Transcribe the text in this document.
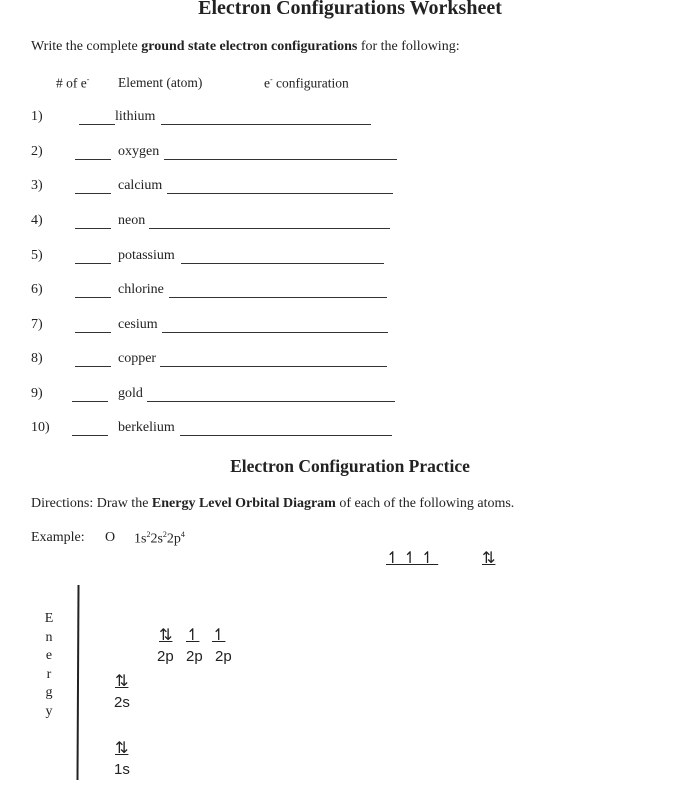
Electron Configurations Worksheet
Write the complete ground state electron configurations for the following:
# of e- Element (atom)	e- configuration
1)	lithium
2)	oxygen
3)	calcium
4)	neon
5)	potassium
6)	chlorine
7)	cesium
8)	copper
9)	gold
10)	berkelium
Electron Configuration Practice
Directions: Draw the Energy Level Orbital Diagram of each of the following atoms.
Example: O $1s^22s^22p^4$
↿↿↿	⇅
E
n
e
r
g
y
⇅ ↿ ↿
2p 2p 2p
⇅
2s
⇅
1s
